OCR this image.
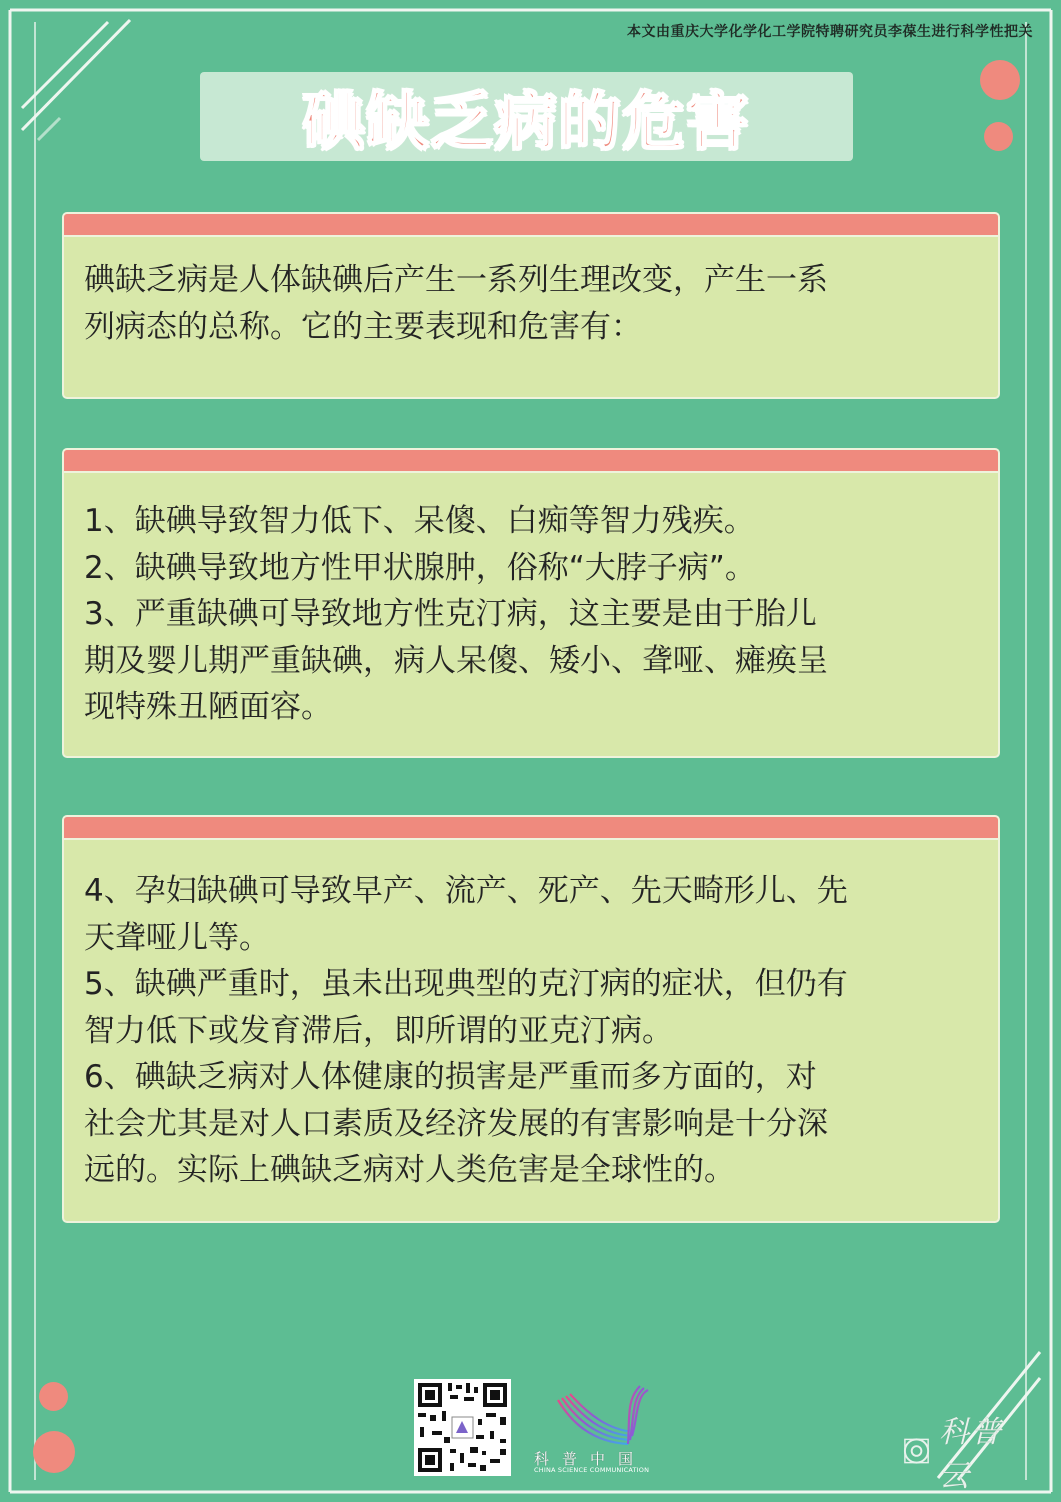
本文由重庆大学化学化工学院特聘研究员李葆生进行科学性把关
碘缺乏病的危害

碘缺乏病是人体缺碘后产生一系列生理改变，产生一系

列病态的总称。它的主要表现和危害有：

1、缺碘导致智力低下、呆傻、白痴等智力残疾。

2、缺碘导致地方性甲状腺肿，俗称“大脖子病”。

3、严重缺碘可导致地方性克汀病，这主要是由于胎儿

期及婴儿期严重缺碘，病人呆傻、矮小、聋哑、瘫痪呈

现特殊丑陋面容。

4、孕妇缺碘可导致早产、流产、死产、先天畸形儿、先

天聋哑儿等。

5、缺碘严重时，虽未出现典型的克汀病的症状，但仍有

智力低下或发育滞后，即所谓的亚克汀病。

6、碘缺乏病对人体健康的损害是严重而多方面的，对

社会尤其是对人口素质及经济发展的有害影响是十分深

远的。实际上碘缺乏病对人类危害是全球性的。

科普中国
CHINA SCIENCE COMMUNICATION
科普云
